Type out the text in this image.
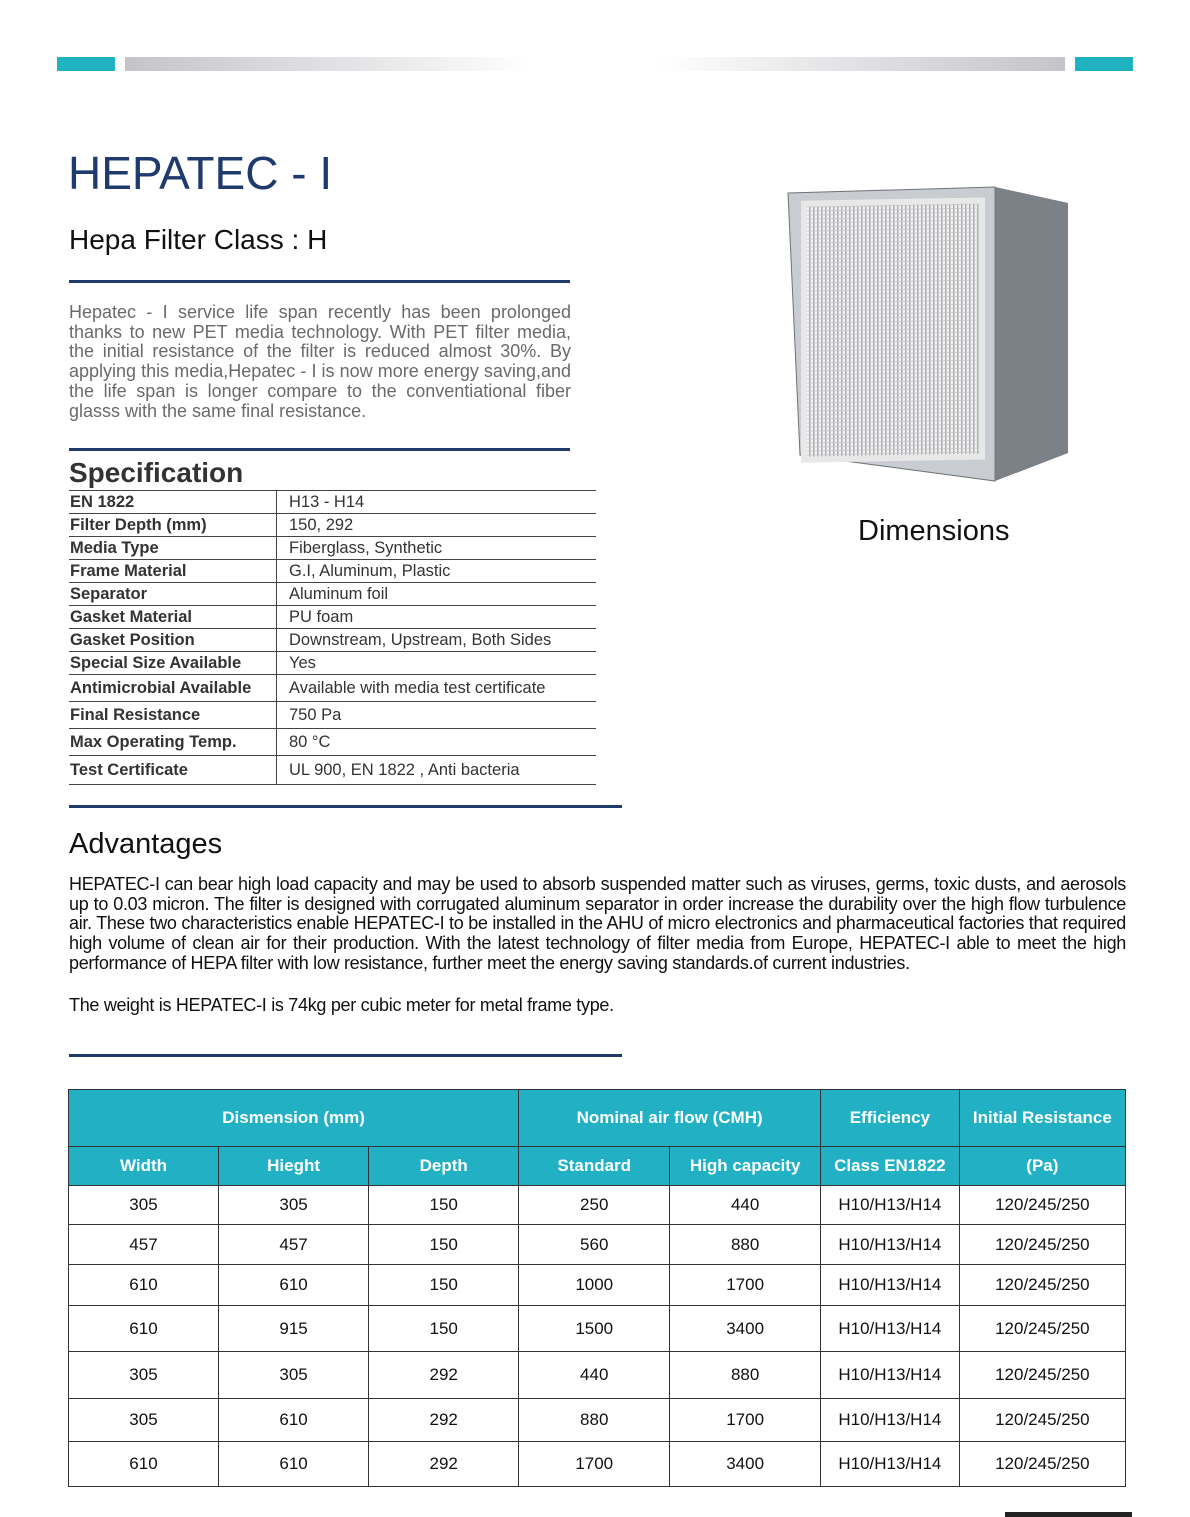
HEPATEC - I
Hepa Filter Class : H
Hepatec - I service life span recently has been prolonged thanks to new PET media technology. With PET filter media, the initial resistance of the filter is reduced almost 30%. By applying this media,Hepatec - I is now more energy saving,and the life span is longer compare to the conventiational fiber glasss with the same final resistance.
Specification
EN 1822	H13 - H14
Filter Depth (mm)	150, 292
Media Type	Fiberglass, Synthetic
Frame Material	G.I, Aluminum, Plastic
Separator	Aluminum foil
Gasket Material	PU foam
Gasket Position	Downstream, Upstream, Both Sides
Special Size Available	Yes
Antimicrobial Available	Available with media test certificate
Final Resistance	750 Pa
Max Operating Temp.	80 °C
Test Certificate	UL 900, EN 1822 , Anti bacteria
Dimensions
Advantages
HEPATEC-I can bear high load capacity and may be used to absorb suspended matter such as viruses, germs, toxic dusts, and aerosols up to 0.03 micron. The filter is designed with corrugated aluminum separator in order increase the durability over the high flow turbulence air. These two characteristics enable HEPATEC-I to be installed in the AHU of micro electronics and pharmaceutical factories that required high volume of clean air for their production. With the latest technology of filter media from Europe, HEPATEC-I able to meet the high performance of HEPA filter with low resistance, further meet the energy saving standards.of current industries.
The weight is HEPATEC-I is 74kg per cubic meter for metal frame type.
Dismension (mm)			Nominal air flow (CMH)		Efficiency	Initial Resistance
Width	Hieght	Depth	Standard	High capacity	Class EN1822	(Pa)
305	305	150	250	440	H10/H13/H14	120/245/250
457	457	150	560	880	H10/H13/H14	120/245/250
610	610	150	1000	1700	H10/H13/H14	120/245/250
610	915	150	1500	3400	H10/H13/H14	120/245/250
305	305	292	440	880	H10/H13/H14	120/245/250
305	610	292	880	1700	H10/H13/H14	120/245/250
610	610	292	1700	3400	H10/H13/H14	120/245/250
